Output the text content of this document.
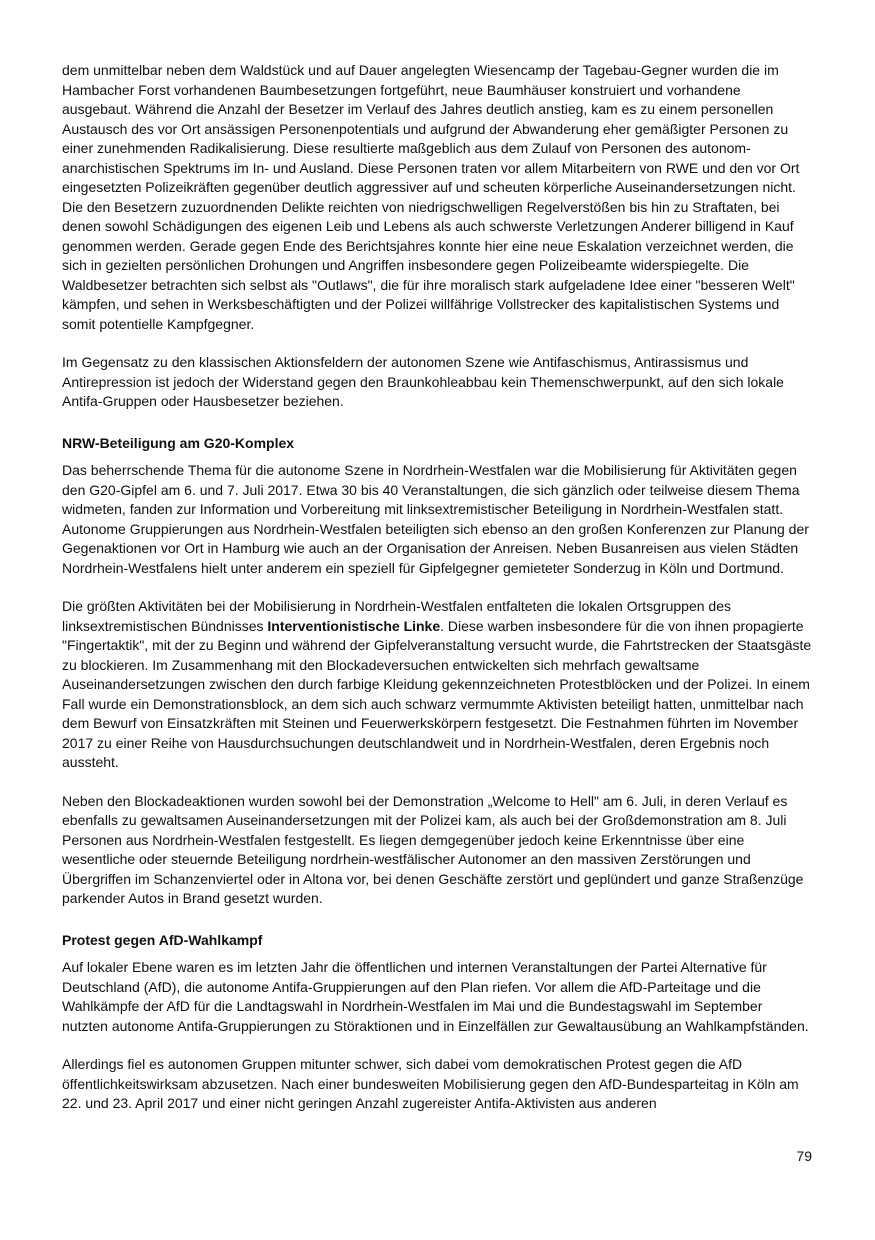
dem unmittelbar neben dem Waldstück und auf Dauer angelegten Wiesencamp der Tagebau-Gegner wurden die im Hambacher Forst vorhandenen Baumbesetzungen fortgeführt, neue Baumhäuser konstruiert und vorhandene ausgebaut. Während die Anzahl der Besetzer im Verlauf des Jahres deutlich anstieg, kam es zu einem personellen Austausch des vor Ort ansässigen Personenpotentials und aufgrund der Abwanderung eher gemäßigter Personen zu einer zunehmenden Radikalisierung. Diese resultierte maßgeblich aus dem Zulauf von Personen des autonom-anarchistischen Spektrums im In- und Ausland. Diese Personen traten vor allem Mitarbeitern von RWE und den vor Ort eingesetzten Polizeikräften gegenüber deutlich aggressiver auf und scheuten körperliche Auseinandersetzungen nicht. Die den Besetzern zuzuordnenden Delikte reichten von niedrigschwelligen Regelverstößen bis hin zu Straftaten, bei denen sowohl Schädigungen des eigenen Leib und Lebens als auch schwerste Verletzungen Anderer billigend in Kauf genommen werden. Gerade gegen Ende des Berichtsjahres konnte hier eine neue Eskalation verzeichnet werden, die sich in gezielten persönlichen Drohungen und Angriffen insbesondere gegen Polizeibeamte widerspiegelte. Die Waldbesetzer betrachten sich selbst als "Outlaws", die für ihre moralisch stark aufgeladene Idee einer "besseren Welt" kämpfen, und sehen in Werksbeschäftigten und der Polizei willfährige Vollstrecker des kapitalistischen Systems und somit potentielle Kampfgegner.

Im Gegensatz zu den klassischen Aktionsfeldern der autonomen Szene wie Antifaschismus, Antirassismus und Antirepression ist jedoch der Widerstand gegen den Braunkohleabbau kein Themenschwerpunkt, auf den sich lokale Antifa-Gruppen oder Hausbesetzer beziehen.

NRW-Beteiligung am G20-Komplex

Das beherrschende Thema für die autonome Szene in Nordrhein-Westfalen war die Mobilisierung für Aktivitäten gegen den G20-Gipfel am 6. und 7. Juli 2017. Etwa 30 bis 40 Veranstaltungen, die sich gänzlich oder teilweise diesem Thema widmeten, fanden zur Information und Vorbereitung mit linksextremistischer Beteiligung in Nordrhein-Westfalen statt. Autonome Gruppierungen aus Nordrhein-Westfalen beteiligten sich ebenso an den großen Konferenzen zur Planung der Gegenaktionen vor Ort in Hamburg wie auch an der Organisation der Anreisen. Neben Busanreisen aus vielen Städten Nordrhein-Westfalens hielt unter anderem ein speziell für Gipfelgegner gemieteter Sonderzug in Köln und Dortmund.

Die größten Aktivitäten bei der Mobilisierung in Nordrhein-Westfalen entfalteten die lokalen Ortsgruppen des linksextremistischen Bündnisses Interventionistische Linke. Diese warben insbesondere für die von ihnen propagierte "Fingertaktik", mit der zu Beginn und während der Gipfelveranstaltung versucht wurde, die Fahrtstrecken der Staatsgäste zu blockieren. Im Zusammenhang mit den Blockadeversuchen entwickelten sich mehrfach gewaltsame Auseinandersetzungen zwischen den durch farbige Kleidung gekennzeichneten Protestblöcken und der Polizei. In einem Fall wurde ein Demonstrationsblock, an dem sich auch schwarz vermummte Aktivisten beteiligt hatten, unmittelbar nach dem Bewurf von Einsatzkräften mit Steinen und Feuerwerkskörpern festgesetzt. Die Festnahmen führten im November 2017 zu einer Reihe von Hausdurchsuchungen deutschlandweit und in Nordrhein-Westfalen, deren Ergebnis noch aussteht.

Neben den Blockadeaktionen wurden sowohl bei der Demonstration „Welcome to Hell" am 6. Juli, in deren Verlauf es ebenfalls zu gewaltsamen Auseinandersetzungen mit der Polizei kam, als auch bei der Großdemonstration am 8. Juli Personen aus Nordrhein-Westfalen festgestellt. Es liegen demgegenüber jedoch keine Erkenntnisse über eine wesentliche oder steuernde Beteiligung nordrhein-westfälischer Autonomer an den massiven Zerstörungen und Übergriffen im Schanzenviertel oder in Altona vor, bei denen Geschäfte zerstört und geplündert und ganze Straßenzüge parkender Autos in Brand gesetzt wurden.

Protest gegen AfD-Wahlkampf

Auf lokaler Ebene waren es im letzten Jahr die öffentlichen und internen Veranstaltungen der Partei Alternative für Deutschland (AfD), die autonome Antifa-Gruppierungen auf den Plan riefen. Vor allem die AfD-Parteitage und die Wahlkämpfe der AfD für die Landtagswahl in Nordrhein-Westfalen im Mai und die Bundestagswahl im September nutzten autonome Antifa-Gruppierungen zu Störaktionen und in Einzelfällen zur Gewaltausübung an Wahlkampfständen.

Allerdings fiel es autonomen Gruppen mitunter schwer, sich dabei vom demokratischen Protest gegen die AfD öffentlichkeitswirksam abzusetzen. Nach einer bundesweiten Mobilisierung gegen den AfD-Bundesparteitag in Köln am 22. und 23. April 2017 und einer nicht geringen Anzahl zugereister Antifa-Aktivisten aus anderen

79
